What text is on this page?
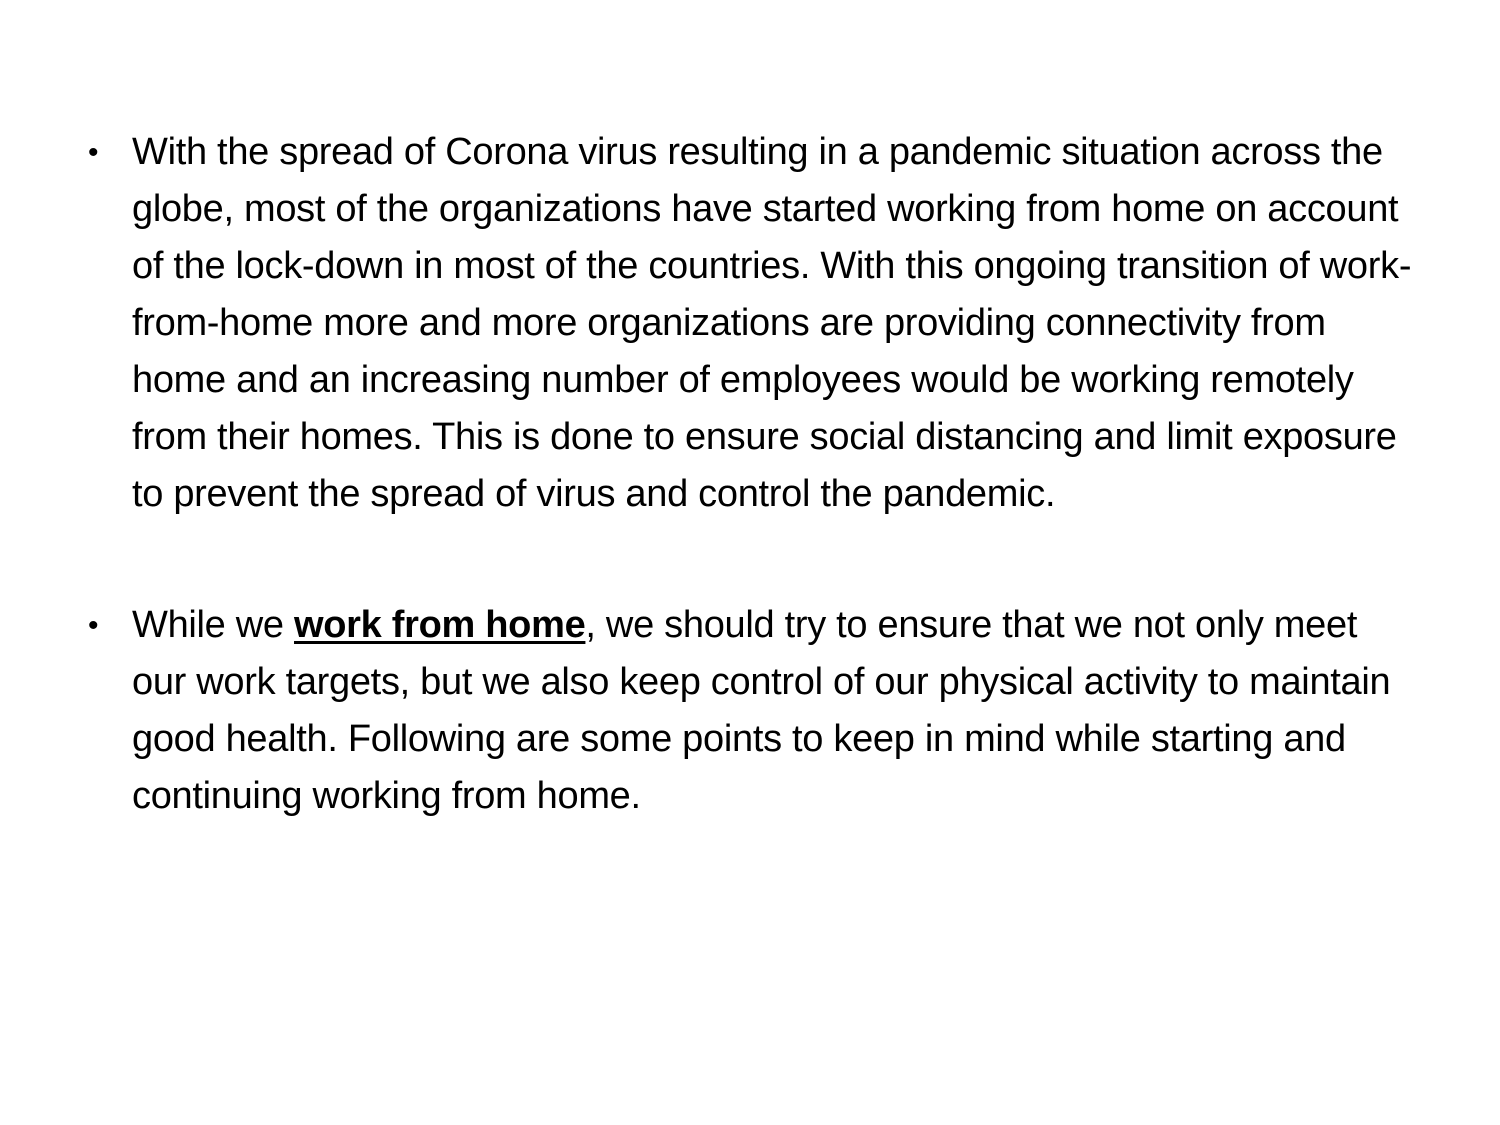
• With the spread of Corona virus resulting in a pandemic situation across the globe, most of the organizations have started working from home on account of the lock-down in most of the countries. With this ongoing transition of work-from-home more and more organizations are providing connectivity from home and an increasing number of employees would be working remotely from their homes. This is done to ensure social distancing and limit exposure to prevent the spread of virus and control the pandemic.
• While we work from home, we should try to ensure that we not only meet our work targets, but we also keep control of our physical activity to maintain good health. Following are some points to keep in mind while starting and continuing working from home.
